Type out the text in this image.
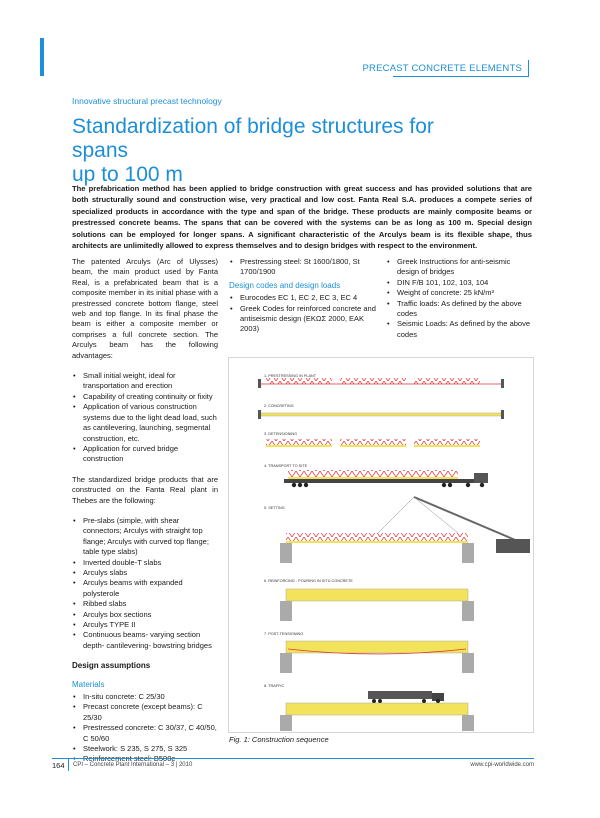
PRECAST CONCRETE ELEMENTS
Innovative structural precast technology
Standardization of bridge structures for spans
up to 100 m

The prefabrication method has been applied to bridge construction with great success and has provided solutions that are both structurally sound and construction wise, very practical and low cost. Fanta Real S.A. produces a compete series of specialized products in accordance with the type and span of the bridge. These products are mainly composite beams or prestressed concrete beams. The spans that can be covered with the systems can be as long as 100 m. Special design solutions can be employed for longer spans. A significant characteristic of the Arculys beam is its flexible shape, thus architects are unlimitedly allowed to express themselves and to design bridges with respect to the environment.

The patented Arculys (Arc of Ulysses) beam, the main product used by Fanta Real, is a prefabricated beam that is a composite member in its initial phase with a prestressed concrete bottom flange, steel web and top flange. In its final phase the beam is either a composite member or comprises a full concrete section. The Arculys beam has the following advantages:

• Small initial weight, ideal for transportation and erection
• Capability of creating continuity or fixity
• Application of various construction systems due to the light dead load, such as cantilevering, launching, segmental construction, etc.
• Application for curved bridge construction

The standardized bridge products that are constructed on the Fanta Real plant in Thebes are the following:

• Pre-slabs (simple, with shear connectors; Arculys with straight top flange; Arculys with curved top flange; table type slabs)
• Inverted double-T slabs
• Arculys slabs
• Arculys beams with expanded polysterole
• Ribbed slabs
• Arculys box sections
• Arculys TYPE II
• Continuous beams- varying section depth- cantilevering- bowstring bridges
Design assumptions
Materials
• In-situ concrete: C 25/30
• Precast concrete (except beams): C 25/30
• Prestressed concrete: C 30/37, C 40/50, C 50/60
• Steelwork: S 235, S 275, S 325
•
• Prestressing steel: St 1600/1800, St 1700/1900
Design codes and design loads
• Eurocodes EC 1, EC 2, EC 3, EC 4
• Greek Codes for reinforced concrete and antiseismic design (ΕΚΩΣ 2000, EAK 2003)
• Greek Instructions for anti-seismic design of bridges
• DIN F/B 101, 102, 103, 104
• Weight of concrete: 25 kN/m³
• Traffic loads: As defined by the above codes
• Seismic Loads: As defined by the above codes
1. PRESTRESSING IN PLANT
2. CONCRETING
3. DETENSIONING
4. TRANSPORT TO SITE
5. SETTING
6. REINFORCING - POURING IN SITU CONCRETE
7. POST-TENSIONING
8. TRAFFIC
Fig. 1: Construction sequence
164 CPI – Concrete Plant International – 3 | 2010	www.cpi-worldwide.com
